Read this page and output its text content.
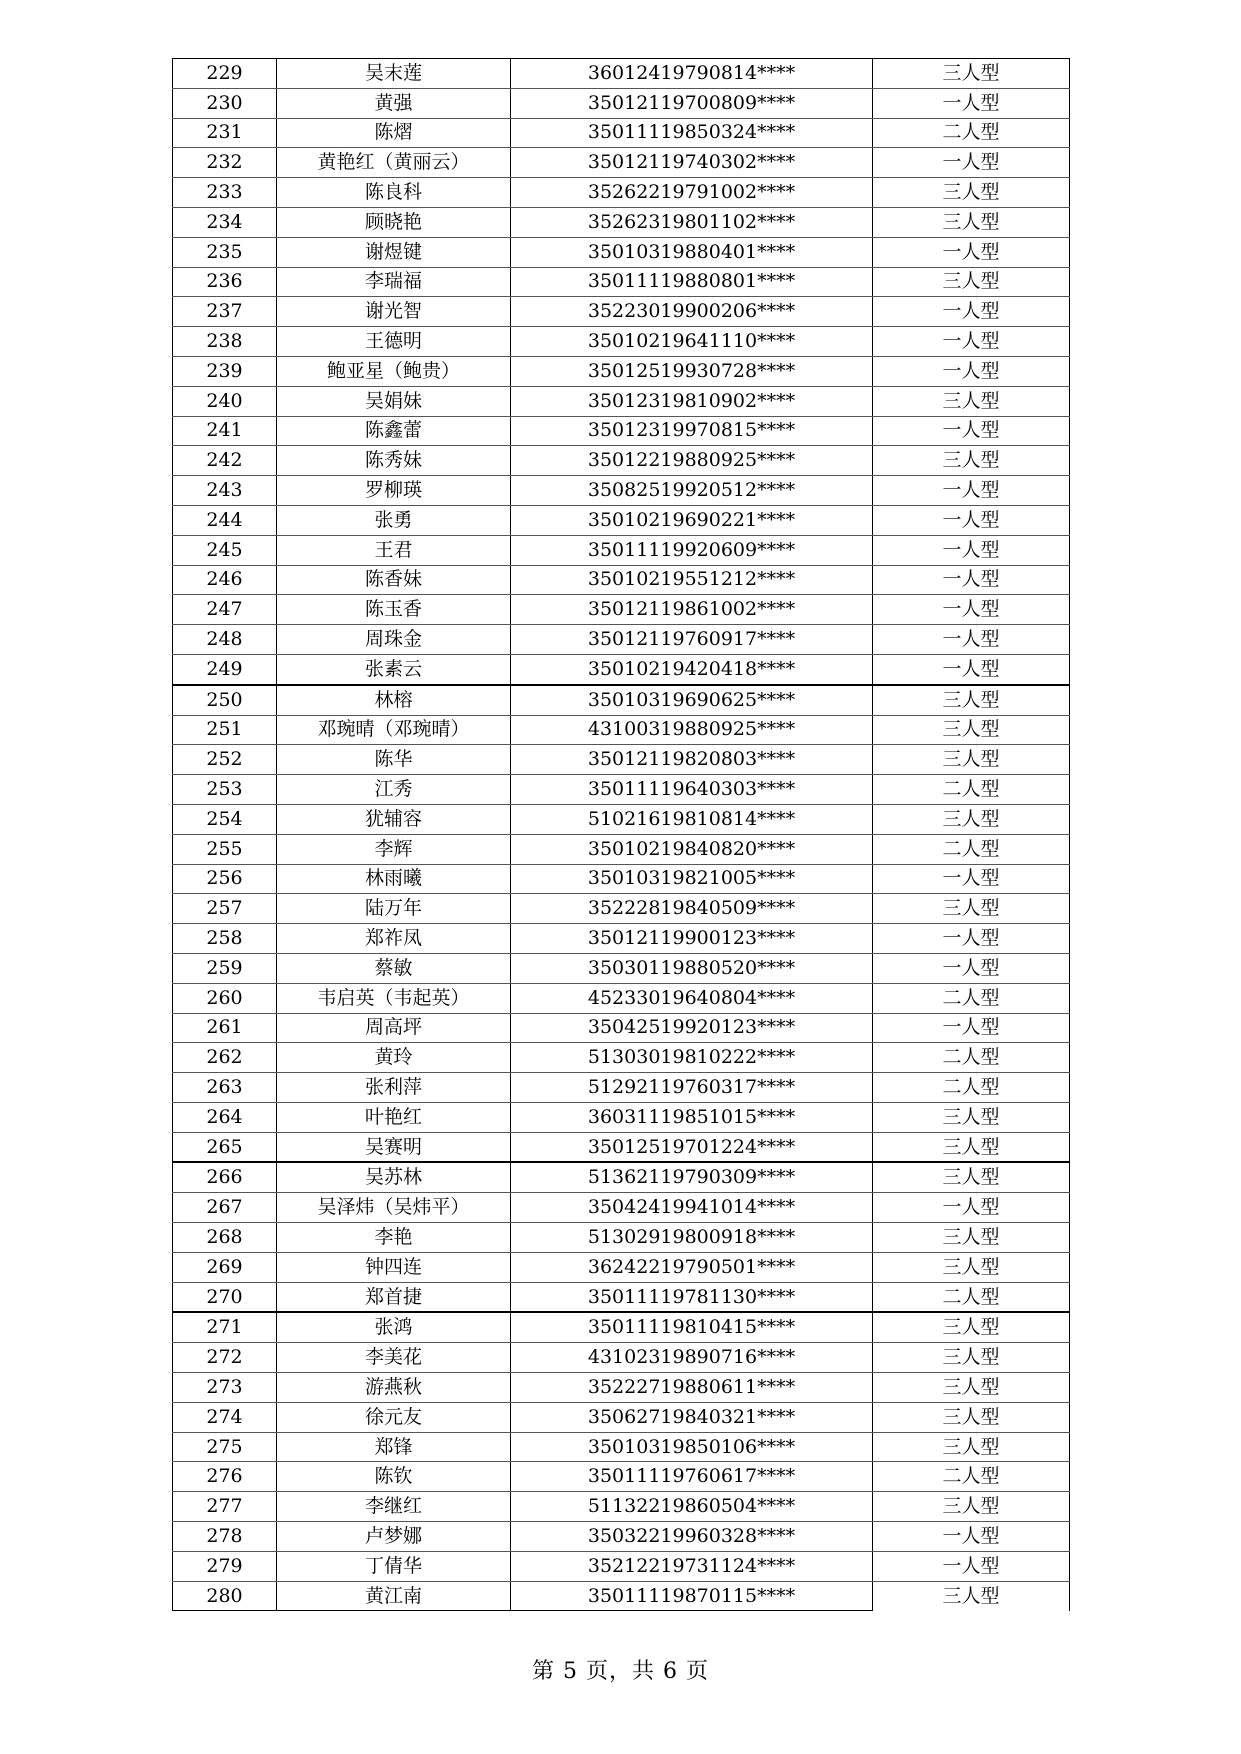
229	吴末莲	36012419790814****	三人型
230	黄强	35012119700809****	一人型
231	陈熠	35011119850324****	二人型
232	黄艳红（黄丽云）	35012119740302****	一人型
233	陈良科	35262219791002****	三人型
234	顾晓艳	35262319801102****	三人型
235	谢煜键	35010319880401****	一人型
236	李瑞福	35011119880801****	三人型
237	谢光智	35223019900206****	一人型
238	王德明	35010219641110****	一人型
239	鲍亚星（鲍贵）	35012519930728****	一人型
240	吴娟妹	35012319810902****	三人型
241	陈鑫蕾	35012319970815****	一人型
242	陈秀妹	35012219880925****	三人型
243	罗柳瑛	35082519920512****	一人型
244	张勇	35010219690221****	一人型
245	王君	35011119920609****	一人型
246	陈香妹	35010219551212****	一人型
247	陈玉香	35012119861002****	一人型
248	周珠金	35012119760917****	一人型
249	张素云	35010219420418****	一人型
250	林榕	35010319690625****	三人型
251	邓琬晴（邓琬晴）	43100319880925****	三人型
252	陈华	35012119820803****	三人型
253	江秀	35011119640303****	二人型
254	犹辅容	51021619810814****	三人型
255	李辉	35010219840820****	二人型
256	林雨曦	35010319821005****	一人型
257	陆万年	35222819840509****	三人型
258	郑祚凤	35012119900123****	一人型
259	蔡敏	35030119880520****	一人型
260	韦启英（韦起英）	45233019640804****	二人型
261	周高坪	35042519920123****	一人型
262	黄玲	51303019810222****	二人型
263	张利萍	51292119760317****	二人型
264	叶艳红	36031119851015****	三人型
265	吴赛明	35012519701224****	三人型
266	吴苏林	51362119790309****	三人型
267	吴泽炜（吴炜平）	35042419941014****	一人型
268	李艳	51302919800918****	三人型
269	钟四连	36242219790501****	三人型
270	郑首捷	35011119781130****	二人型
271	张鸿	35011119810415****	三人型
272	李美花	43102319890716****	三人型
273	游燕秋	35222719880611****	三人型
274	徐元友	35062719840321****	三人型
275	郑锋	35010319850106****	三人型
276	陈钦	35011119760617****	二人型
277	李继红	51132219860504****	三人型
278	卢梦娜	35032219960328****	一人型
279	丁倩华	35212219731124****	一人型
280	黄江南	35011119870115****	三人型
第 5 页，共 6 页
